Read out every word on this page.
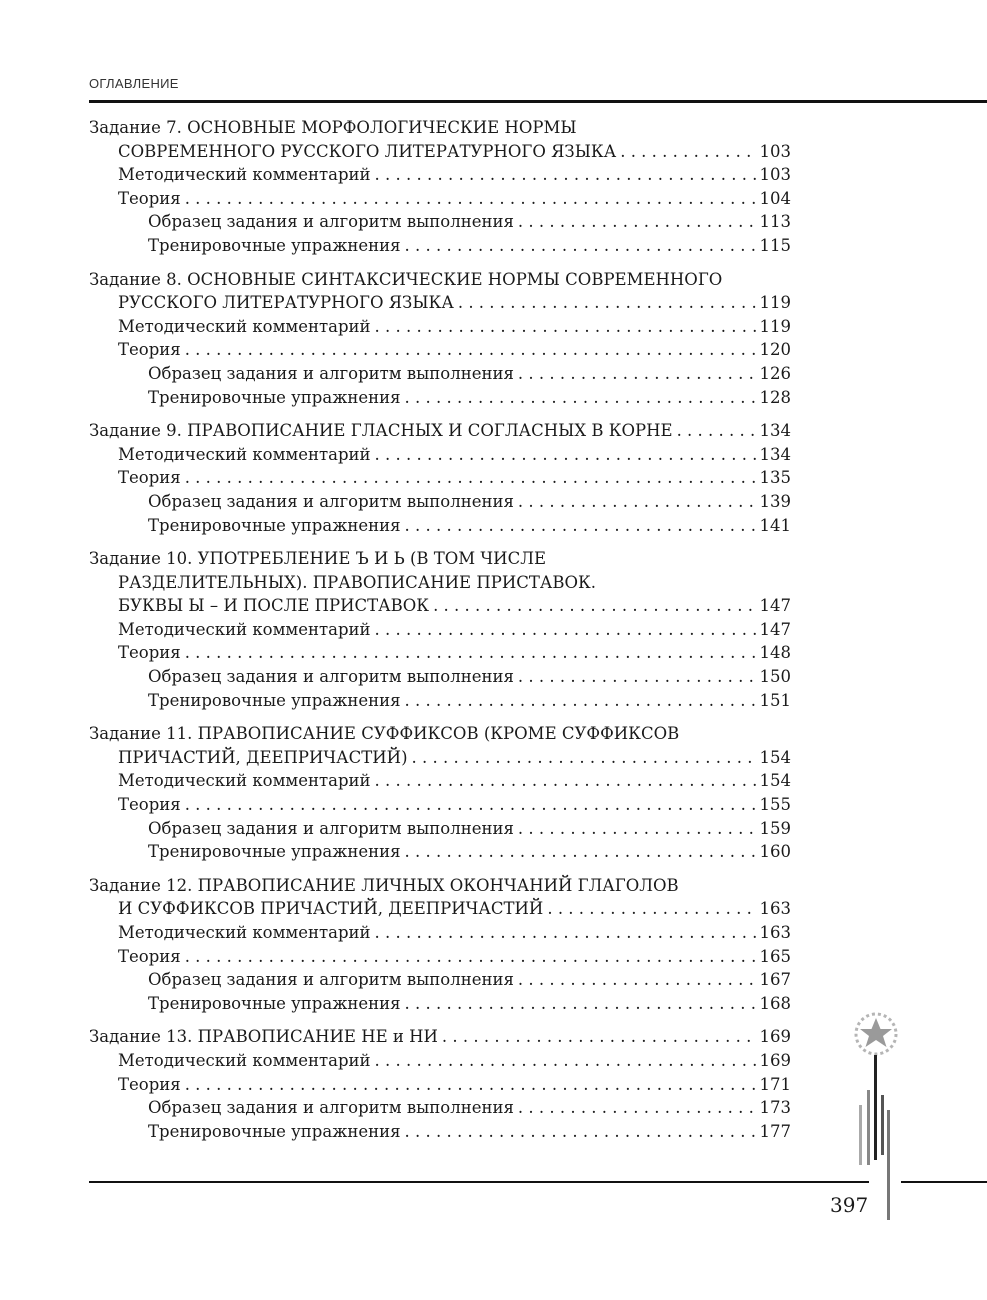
ОГЛАВЛЕНИЕ
Задание 7. ОСНОВНЫЕ МОРФОЛОГИЧЕСКИЕ НОРМЫ
СОВРЕМЕННОГО РУССКОГО ЛИТЕРАТУРНОГО ЯЗЫКА . . .	103
Методический комментарий . . .	103
Теория . . .	104
Образец задания и алгоритм выполнения . . .	113
Тренировочные упражнения . . .	115
Задание 8. ОСНОВНЫЕ СИНТАКСИЧЕСКИЕ НОРМЫ СОВРЕМЕННОГО
РУССКОГО ЛИТЕРАТУРНОГО ЯЗЫКА . . .	119
Методический комментарий . . .	119
Теория . . .	120
Образец задания и алгоритм выполнения . . .	126
Тренировочные упражнения . . .	128
Задание 9. ПРАВОПИСАНИЕ ГЛАСНЫХ И СОГЛАСНЫХ В КОРНЕ . . .	134
Методический комментарий . . .	134
Теория . . .	135
Образец задания и алгоритм выполнения . . .	139
Тренировочные упражнения . . .	141
Задание 10. УПОТРЕБЛЕНИЕ Ъ И Ь (В ТОМ ЧИСЛЕ
РАЗДЕЛИТЕЛЬНЫХ). ПРАВОПИСАНИЕ ПРИСТАВОК.
БУКВЫ Ы – И ПОСЛЕ ПРИСТАВОК . . .	147
Методический комментарий . . .	147
Теория . . .	148
Образец задания и алгоритм выполнения . . .	150
Тренировочные упражнения . . .	151
Задание 11. ПРАВОПИСАНИЕ СУФФИКСОВ (КРОМЕ СУФФИКСОВ
ПРИЧАСТИЙ, ДЕЕПРИЧАСТИЙ) . . .	154
Методический комментарий . . .	154
Теория . . .	155
Образец задания и алгоритм выполнения . . .	159
Тренировочные упражнения . . .	160
Задание 12. ПРАВОПИСАНИЕ ЛИЧНЫХ ОКОНЧАНИЙ ГЛАГОЛОВ
И СУФФИКСОВ ПРИЧАСТИЙ, ДЕЕПРИЧАСТИЙ . . .	163
Методический комментарий . . .	163
Теория . . .	165
Образец задания и алгоритм выполнения . . .	167
Тренировочные упражнения . . .	168
Задание 13. ПРАВОПИСАНИЕ НЕ и НИ . . .	169
Методический комментарий . . .	169
Теория . . .	171
Образец задания и алгоритм выполнения . . .	173
Тренировочные упражнения . . .	177
397
